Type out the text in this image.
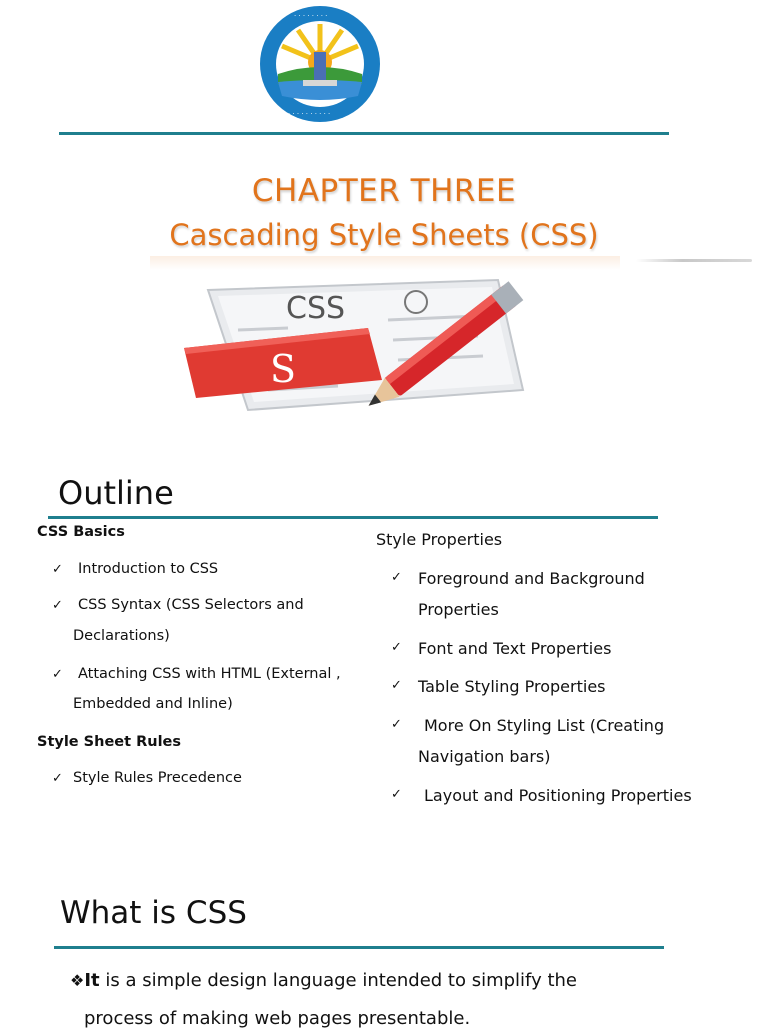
· · · · · · · ·
· · · · · · · · · ·
CHAPTER THREE
Cascading Style Sheets (CSS)
CSS
S
Outline
CSS Basics
✓ Introduction to CSS
✓ CSS Syntax (CSS Selectors and
Declarations)
✓ Attaching CSS with HTML (External ,
Embedded and Inline)
Style Sheet Rules
✓ Style Rules Precedence
Style Properties
✓ Foreground and Background
Properties
✓ Font and Text Properties
✓ Table Styling Properties
✓ More On Styling List (Creating
Navigation bars)
✓ Layout and Positioning Properties
What is CSS
❖It is a simple design language intended to simplify the
process of making web pages presentable.
